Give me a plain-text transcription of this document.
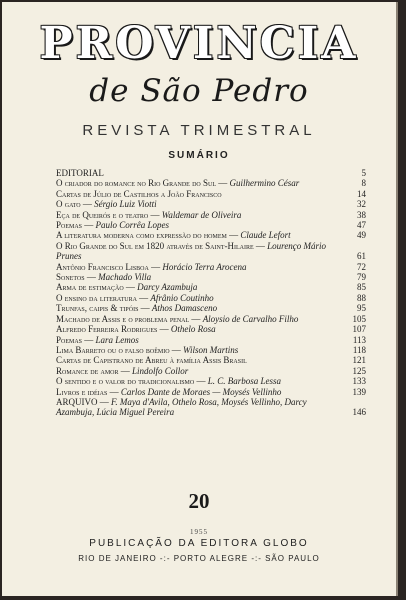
PROVINCIA
de São Pedro
REVISTA TRIMESTRAL
SUMÁRIO
EDITORIAL	5
O criador do romance no Rio Grande do Sul — Guilhermino César	8
Cartas de Júlio de Castilhos a João Francisco	14
O gato — Sérgio Luiz Viotti	32
Eça de Queirós e o teatro — Waldemar de Oliveira	38
Poemas — Paulo Corrêa Lopes	47
A literatura moderna como expressão do homem — Claude Lefort	49
O Rio Grande do Sul em 1820 através de Saint-Hilaire — Lourenço Mário Prunes	61
Antônio Francisco Lisboa — Horácio Terra Arocena	72
Sonetos — Machado Villa	79
Arma de estimação — Darcy Azambuja	85
O ensino da literatura — Afrânio Coutinho	88
Trunfas, caipis & tipóis — Athos Damasceno	95
Machado de Assis e o problema penal — Aloysio de Carvalho Filho	105
Alfredo Ferreira Rodrigues — Othelo Rosa	107
Poemas — Lara Lemos	113
Lima Barreto ou o falso boêmio — Wilson Martins	118
Cartas de Capistrano de Abreu à família Assis Brasil	121
Romance de amor — Lindolfo Collor	125
O sentido e o valor do tradicionalismo — L. C. Barbosa Lessa	133
Livros e idéias — Carlos Dante de Moraes — Moysés Vellinho	139
ARQUIVO — F. Maya d'Avila, Othelo Rosa, Moysés Vellinho, Darcy Azambuja, Lúcia Miguel Pereira	146
20
1955
PUBLICAÇÃO DA EDITORA GLOBO
RIO DE JANEIRO -:- PORTO ALEGRE -:- SÃO PAULO
